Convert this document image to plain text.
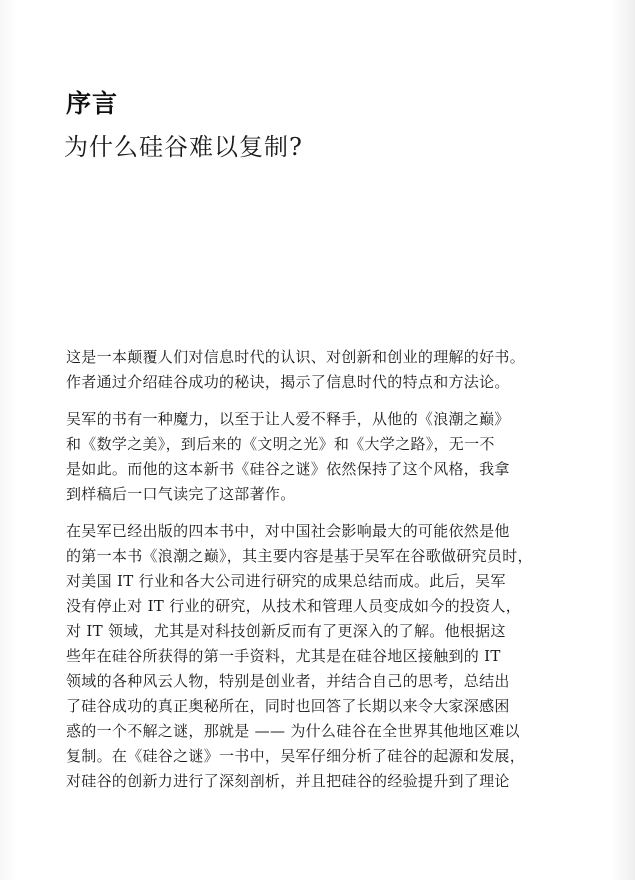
序言
为什么硅谷难以复制?
这是一本颠覆人们对信息时代的认识、对创新和创业的理解的好书。
作者通过介绍硅谷成功的秘诀，揭示了信息时代的特点和方法论。
吴军的书有一种魔力，以至于让人爱不释手，从他的《浪潮之巅》
和《数学之美》，到后来的《文明之光》和《大学之路》，无一不
是如此。而他的这本新书《硅谷之谜》依然保持了这个风格，我拿
到样稿后一口气读完了这部著作。
在吴军已经出版的四本书中，对中国社会影响最大的可能依然是他
的第一本书《浪潮之巅》，其主要内容是基于吴军在谷歌做研究员时，
对美国 IT 行业和各大公司进行研究的成果总结而成。此后，吴军
没有停止对 IT 行业的研究，从技术和管理人员变成如今的投资人，
对 IT 领域，尤其是对科技创新反而有了更深入的了解。他根据这
些年在硅谷所获得的第一手资料，尤其是在硅谷地区接触到的 IT
领域的各种风云人物，特别是创业者，并结合自己的思考，总结出
了硅谷成功的真正奥秘所在，同时也回答了长期以来令大家深感困
惑的一个不解之谜，那就是 —— 为什么硅谷在全世界其他地区难以
复制。在《硅谷之谜》一书中，吴军仔细分析了硅谷的起源和发展，
对硅谷的创新力进行了深刻剖析，并且把硅谷的经验提升到了理论
